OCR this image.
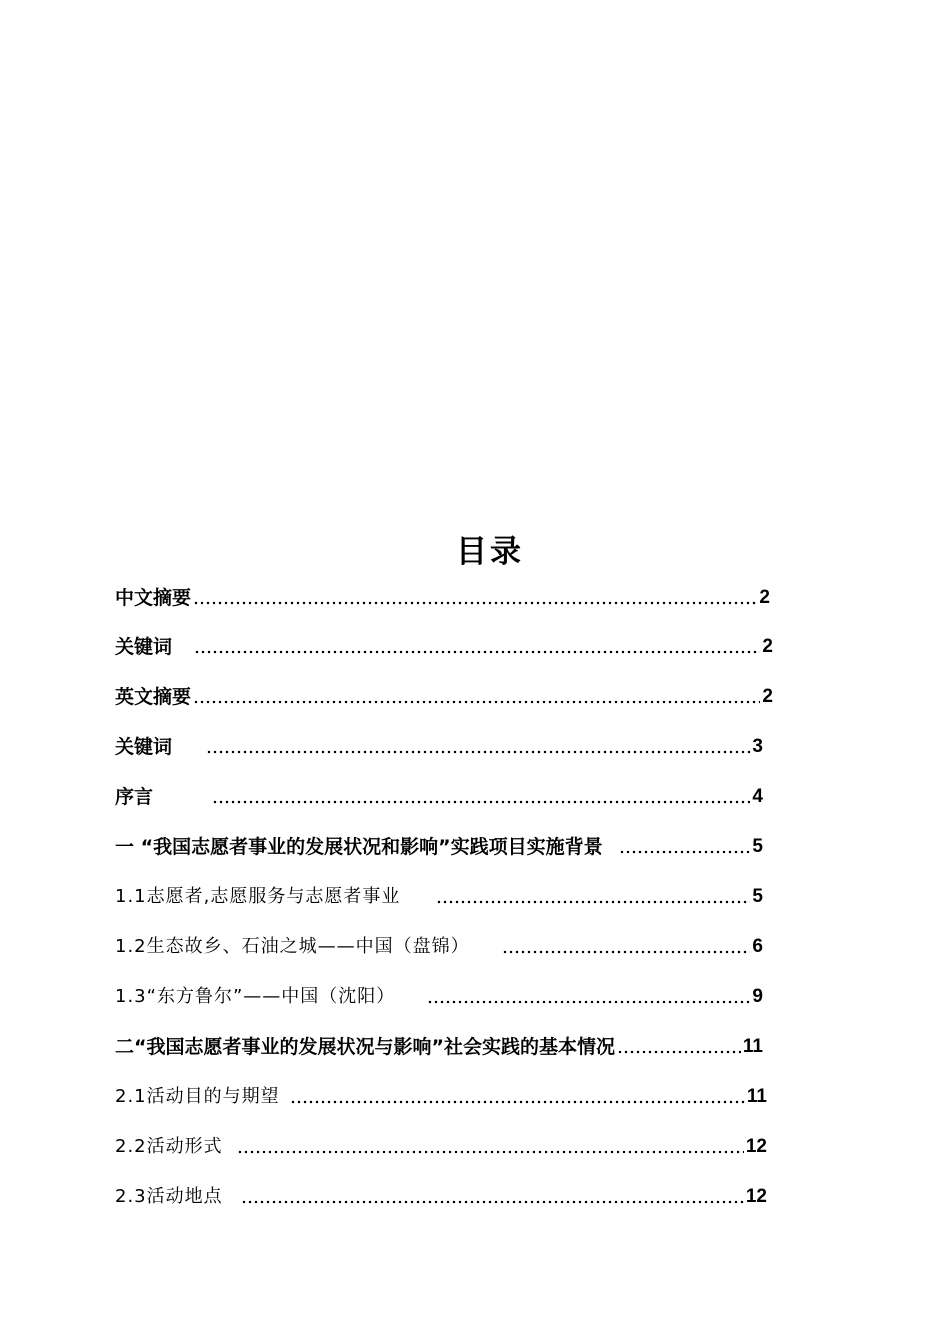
目录
中文摘要	2
关键词	2
英文摘要	2
关键词	3
序言	4
一 “我国志愿者事业的发展状况和影响”实践项目实施背景	5
1.1志愿者,志愿服务与志愿者事业	5
1.2生态故乡、石油之城——中国（盘锦）	6
1.3“东方鲁尔”——中国（沈阳）	9
二“我国志愿者事业的发展状况与影响”社会实践的基本情况	11
2.1活动目的与期望	11
2.2活动形式	12
2.3活动地点	12
